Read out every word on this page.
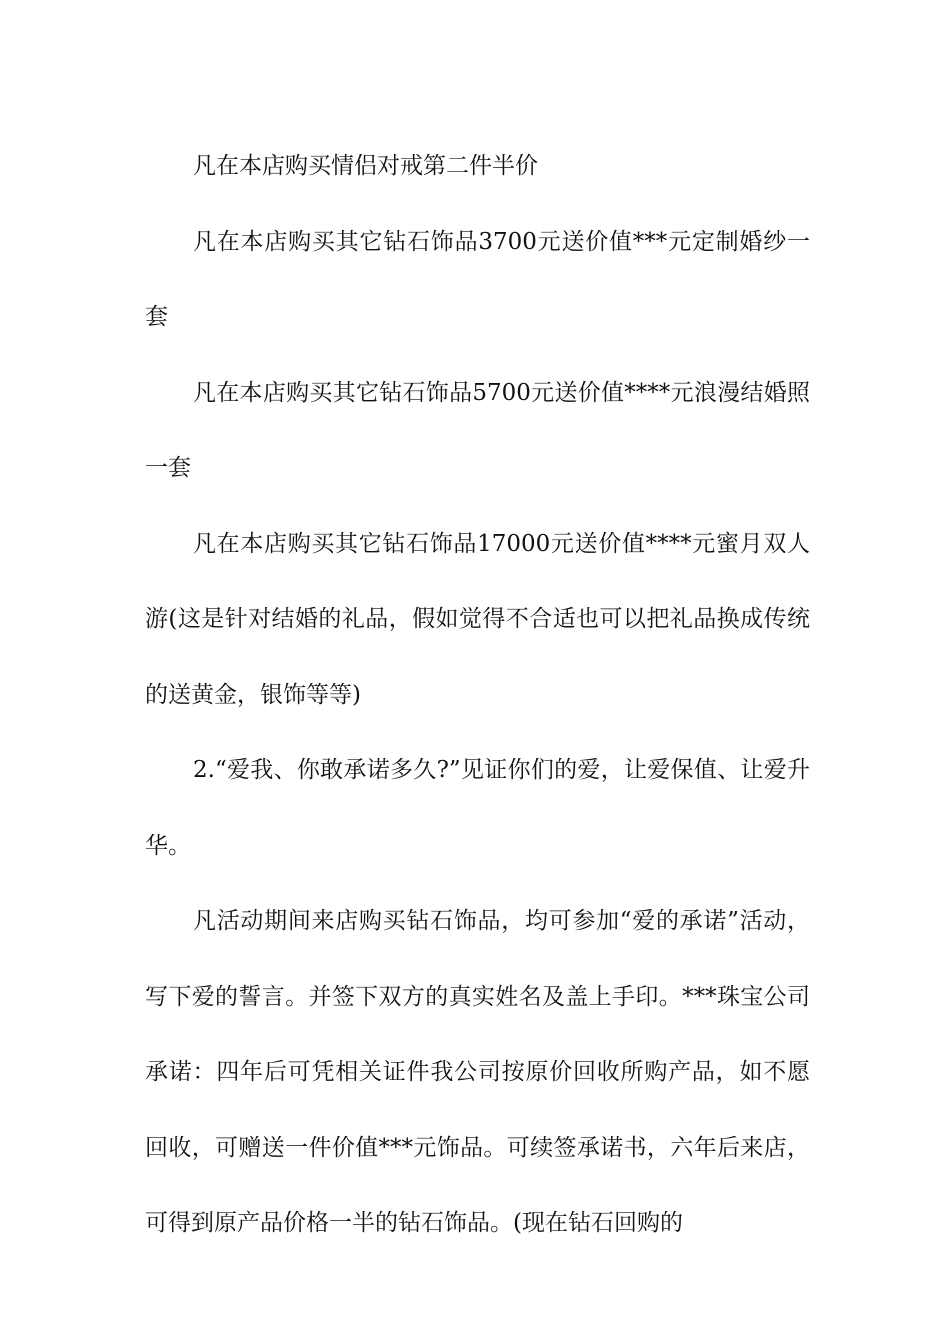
凡在本店购买情侣对戒第二件半价

凡在本店购买其它钻石饰品3700元送价值***元定制婚纱一套

凡在本店购买其它钻石饰品5700元送价值****元浪漫结婚照一套

凡在本店购买其它钻石饰品17000元送价值****元蜜月双人游(这是针对结婚的礼品，假如觉得不合适也可以把礼品换成传统的送黄金，银饰等等)

2.“爱我、你敢承诺多久?”见证你们的爱，让爱保值、让爱升华。

凡活动期间来店购买钻石饰品，均可参加“爱的承诺”活动，写下爱的誓言。并签下双方的真实姓名及盖上手印。***珠宝公司承诺：四年后可凭相关证件我公司按原价回收所购产品，如不愿回收，可赠送一件价值***元饰品。可续签承诺书，六年后来店，可得到原产品价格一半的钻石饰品。(现在钻石回购的
